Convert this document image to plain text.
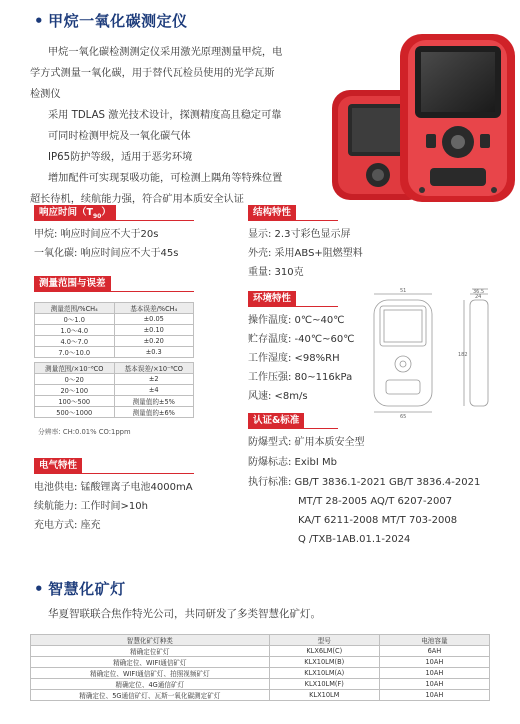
• 甲烷一氧化碳测定仪

甲烷一氧化碳检测测定仪采用激光原理测量甲烷，电

学方式测量一氧化碳，用于替代瓦检员使用的光学瓦斯

检测仪

采用 TDLAS 激光技术设计，探测精度高且稳定可靠

可同时检测甲烷及一氧化碳气体

IP65防护等级，适用于恶劣环境

增加配件可实现泵吸功能，可检测上隅角等特殊位置

超长待机，续航能力强，符合矿用本质安全认证

响应时间$(T_{90})$
甲烷: 响应时间应不大于20s
一氧化碳: 响应时间应不大于45s
测量范围与误差
测量范围/%CH₄	基本误差/%CH₄
0～1.0	±0.05
1.0～4.0	±0.10
4.0～7.0	±0.20
7.0～10.0	±0.3
测量范围/×10⁻⁶CO	基本误差/×10⁻⁶CO
0～20	±2
20～100	±4
100～500	测量值的±5%
500～1000	测量值的±6%
分辨率: CH:0.01% CO:1ppm
电气特性
电池供电: 锰酸锂离子电池4000mA
续航能力: 工作时间>10h
充电方式: 座充
结构特性
显示: 2.3寸彩色显示屏
外壳: 采用ABS+阻燃塑料
重量: 310克
环境特性
操作温度: 0℃~40℃
贮存温度: -40℃~60℃
工作湿度: <98%RH
工作压强: 80~116kPa
风速: <8m/s
51	36.5
24
182
65
认证&标准
防爆型式: 矿用本质安全型
防爆标志: ExibI Mb
执行标准: GB/T 3836.1-2021 GB/T 3836.4-2021
MT/T 28-2005 AQ/T 6207-2007
KA/T 6211-2008 MT/T 703-2008
Q /TXB-1AB.01.1-2024
• 智慧化矿灯
华夏智联联合焦作特光公司，共同研发了多类智慧化矿灯。
智慧化矿灯种类	型号	电池容量
精确定位矿灯	KLX6LM(C)	6AH
精确定位、WIFI通信矿灯	KLX10LM(B)	10AH
精确定位、WIFI通信矿灯、拍照视频矿灯	KLX10LM(A)	10AH
精确定位、4G通信矿灯	KLX10LM(F)	10AH
精确定位、5G通信矿灯、瓦斯一氧化碳测定矿灯	KLX10LM	10AH
